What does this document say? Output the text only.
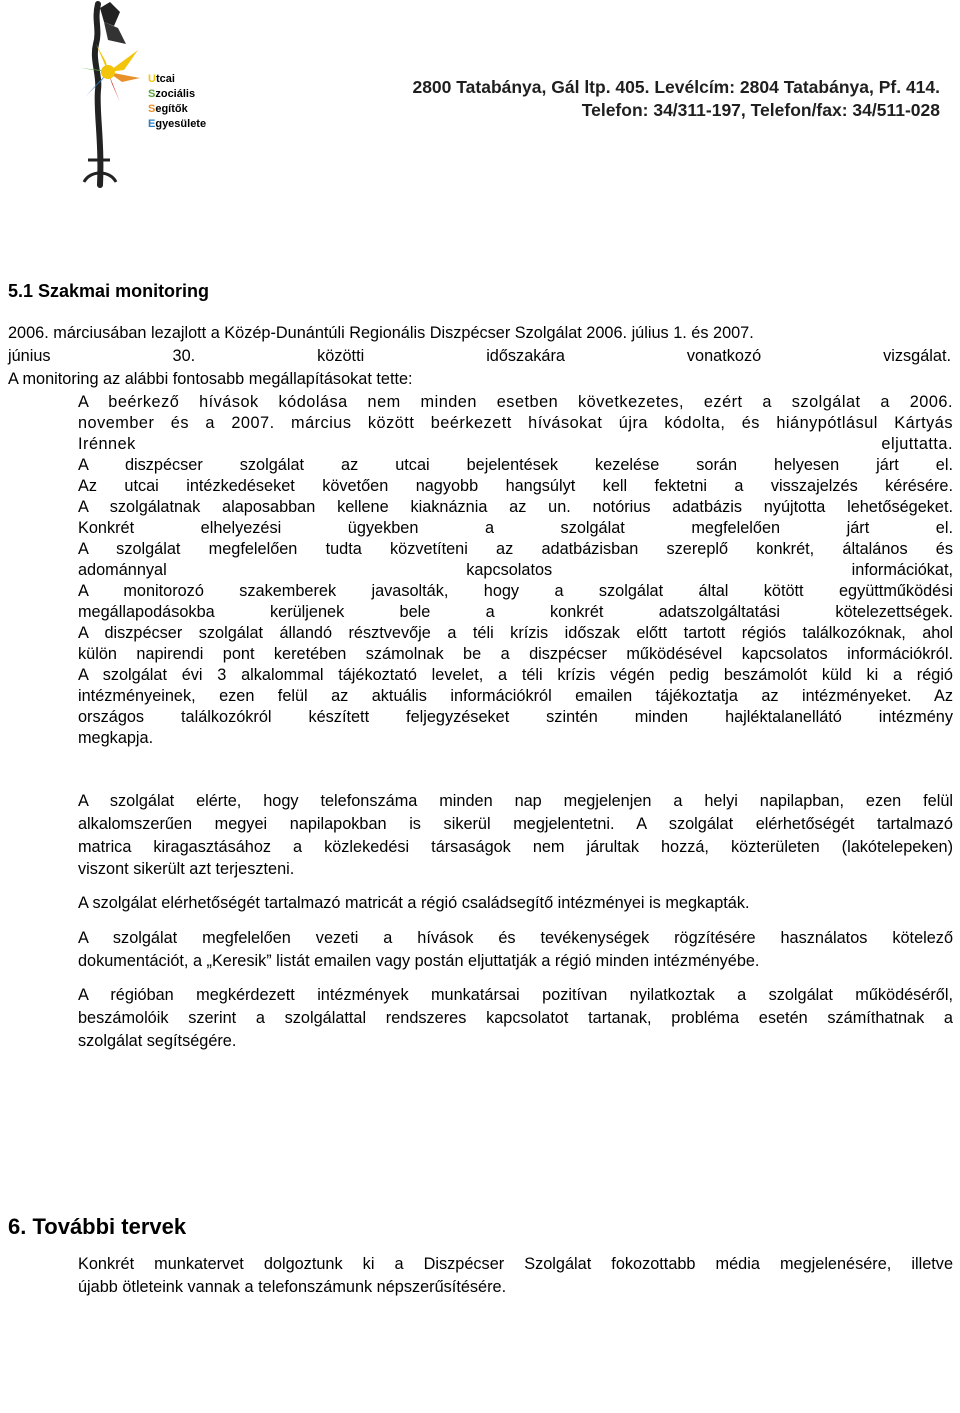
Utcai
Szociális
Segítők
Egyesülete
2800 Tatabánya, Gál ltp. 405. Levélcím: 2804 Tatabánya, Pf. 414.
Telefon: 34/311-197, Telefon/fax: 34/511-028
5.1 Szakmai monitoring
2006. márciusában lezajlott a Közép-Dunántúli Regionális Diszpécser Szolgálat 2006. július 1. és 2007.
június 30. közötti időszakára vonatkozó vizsgálat.
A monitoring az alábbi fontosabb megállapításokat tette:
A beérkező hívások kódolása nem minden esetben következetes, ezért a szolgálat a 2006.
november és a 2007. március között beérkezett hívásokat újra kódolta, és hiánypótlásul Kártyás
Irénnek eljuttatta.
A diszpécser szolgálat az utcai bejelentések kezelése során helyesen járt el.
Az utcai intézkedéseket követően nagyobb hangsúlyt kell fektetni a visszajelzés kérésére.
A szolgálatnak alaposabban kellene kiaknáznia az un. notórius adatbázis nyújtotta lehetőségeket.
Konkrét elhelyezési ügyekben a szolgálat megfelelően járt el.
A szolgálat megfelelően tudta közvetíteni az adatbázisban szereplő konkrét, általános és
adománnyal kapcsolatos információkat,
A monitorozó szakemberek javasolták, hogy a szolgálat által kötött együttműködési
megállapodásokba kerüljenek bele a konkrét adatszolgáltatási kötelezettségek.
A diszpécser szolgálat állandó résztvevője a téli krízis időszak előtt tartott régiós találkozóknak, ahol
külön napirendi pont keretében számolnak be a diszpécser működésével kapcsolatos információkról.
A szolgálat évi 3 alkalommal tájékoztató levelet, a téli krízis végén pedig beszámolót küld ki a régió
intézményeinek, ezen felül az aktuális információkról emailen tájékoztatja az intézményeket. Az
országos találkozókról készített feljegyzéseket szintén minden hajléktalanellátó intézmény
megkapja.
A szolgálat elérte, hogy telefonszáma minden nap megjelenjen a helyi napilapban, ezen felül
alkalomszerűen megyei napilapokban is sikerül megjelentetni. A szolgálat elérhetőségét tartalmazó
matrica kiragasztásához a közlekedési társaságok nem járultak hozzá, közterületen (lakótelepeken)
viszont sikerült azt terjeszteni.
A szolgálat elérhetőségét tartalmazó matricát a régió családsegítő intézményei is megkapták.
A szolgálat megfelelően vezeti a hívások és tevékenységek rögzítésére használatos kötelező
dokumentációt, a „Keresik” listát emailen vagy postán eljuttatják a régió minden intézményébe.
A régióban megkérdezett intézmények munkatársai pozitívan nyilatkoztak a szolgálat működéséről,
beszámolóik szerint a szolgálattal rendszeres kapcsolatot tartanak, probléma esetén számíthatnak a
szolgálat segítségére.
6. További tervek
Konkrét munkatervet dolgoztunk ki a Diszpécser Szolgálat fokozottabb média megjelenésére, illetve
újabb ötleteink vannak a telefonszámunk népszerűsítésére.
